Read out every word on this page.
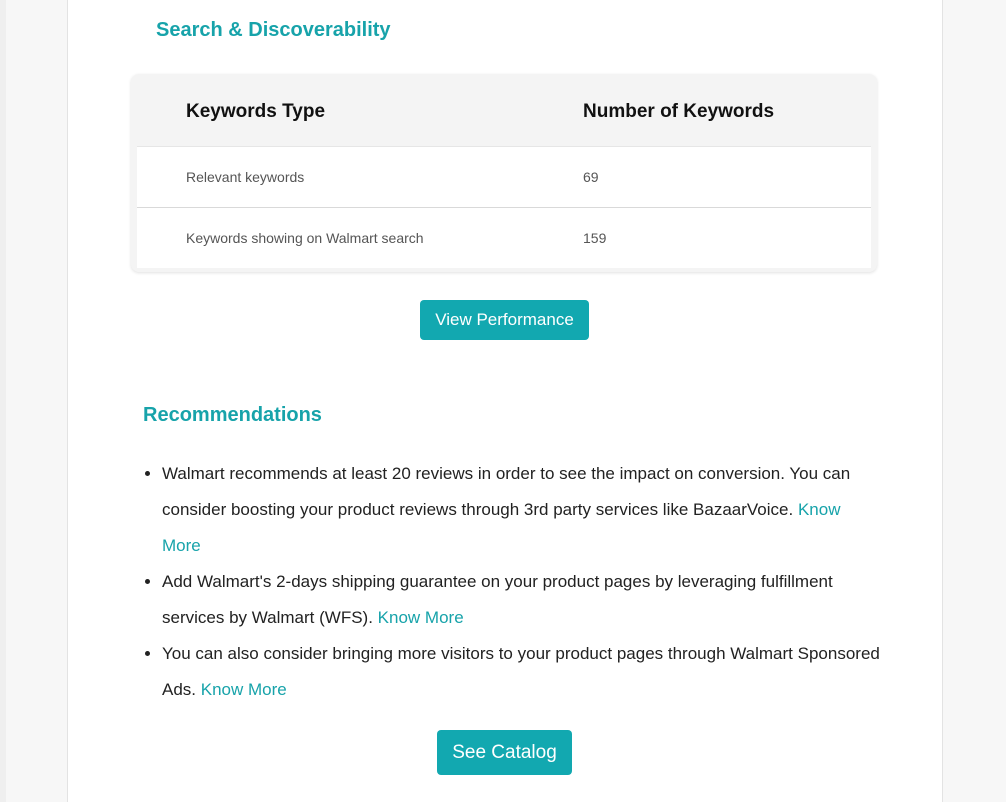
Search & Discoverability
Keywords Type	Number of Keywords
Relevant keywords	69
Keywords showing on Walmart search	159
View Performance
Recommendations
• Walmart recommends at least 20 reviews in order to see the impact on conversion. You can consider boosting your product reviews through 3rd party services like BazaarVoice. Know More
• Add Walmart's 2-days shipping guarantee on your product pages by leveraging fulfillment services by Walmart (WFS). Know More
• You can also consider bringing more visitors to your product pages through Walmart Sponsored Ads. Know More
See Catalog
